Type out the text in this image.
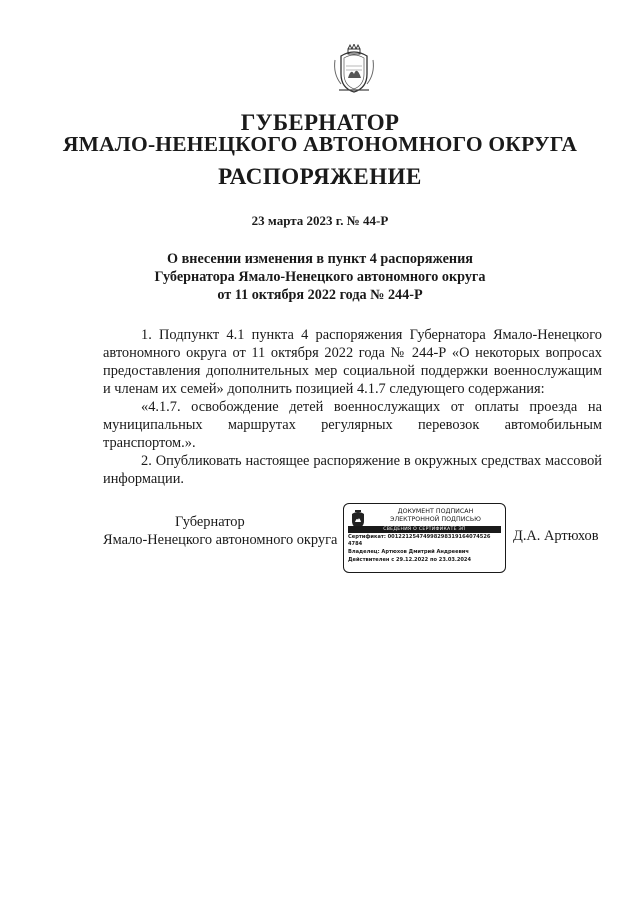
ГУБЕРНАТОР
ЯМАЛО-НЕНЕЦКОГО АВТОНОМНОГО ОКРУГА
РАСПОРЯЖЕНИЕ
23 марта 2023 г. № 44-Р
О внесении изменения в пункт 4 распоряжения
Губернатора Ямало-Ненецкого автономного округа
от 11 октября 2022 года № 244-Р

1. Подпункт 4.1 пункта 4 распоряжения Губернатора Ямало-Ненецкого автономного округа от 11 октября 2022 года № 244-Р «О некоторых вопросах предоставления дополнительных мер социальной поддержки военнослужащим и членам их семей» дополнить позицией 4.1.7 следующего содержания:

«4.1.7. освобождение детей военнослужащих от оплаты проезда на муниципальных маршрутах регулярных перевозок автомобильным транспортом.».

2. Опубликовать настоящее распоряжение в окружных средствах массовой информации.

Губернатор
Ямало-Ненецкого автономного округа
ДОКУМЕНТ ПОДПИСАН
ЭЛЕКТРОННОЙ ПОДПИСЬЮ
СВЕДЕНИЯ О СЕРТИФИКАТЕ ЭП
Сертификат: 00122125474998298319164074526
4784
Владелец: Артюхов Дмитрий Андреевич
Действителен с 29.12.2022 по 23.03.2024
Д.А. Артюхов
